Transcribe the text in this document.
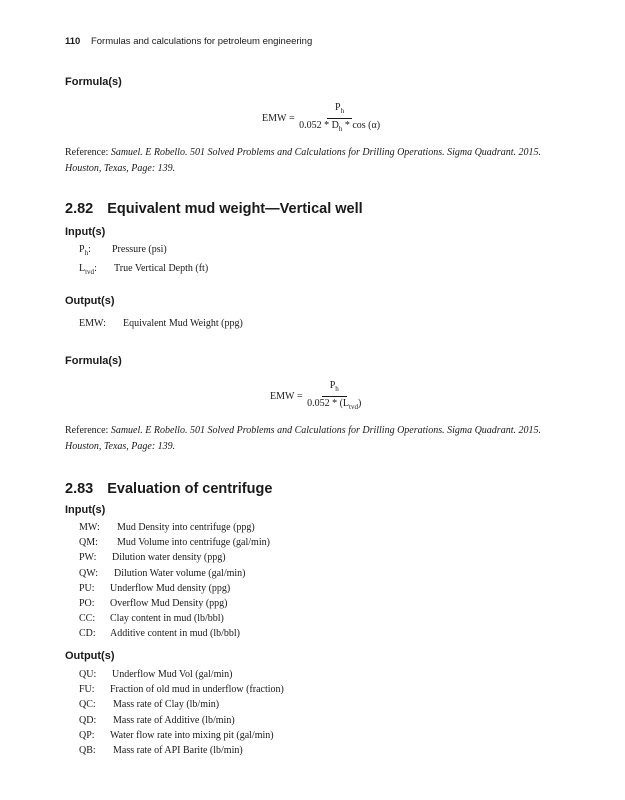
110 Formulas and calculations for petroleum engineering
Formula(s)
EMW = $\frac{P_h}{0.052 * D_h * \cos (\alpha)}$
Reference: Samuel. E Robello. 501 Solved Problems and Calculations for Drilling Operations. Sigma Quadrant. 2015. Houston, Texas, Page: 139.
2.82 Equivalent mud weight—Vertical well
Input(s)
$P_h$:	Pressure (psi)
$L_{tvd}$:	True Vertical Depth (ft)
Output(s)
EMW:	Equivalent Mud Weight (ppg)
Formula(s)
EMW = $\frac{P_h}{0.052 * (L_{tvd})}$
Reference: Samuel. E Robello. 501 Solved Problems and Calculations for Drilling Operations. Sigma Quadrant. 2015. Houston, Texas, Page: 139.
2.83 Evaluation of centrifuge
Input(s)
MW:	Mud Density into centrifuge (ppg)
QM:	Mud Volume into centrifuge (gal/min)
PW:	Dilution water density (ppg)
QW:	Dilution Water volume (gal/min)
PU:	Underflow Mud density (ppg)
PO:	Overflow Mud Density (ppg)
CC:	Clay content in mud (lb/bbl)
CD:	Additive content in mud (lb/bbl)
Output(s)
QU:	Underflow Mud Vol (gal/min)
FU:	Fraction of old mud in underflow (fraction)
QC:	Mass rate of Clay (lb/min)
QD:	Mass rate of Additive (lb/min)
QP:	Water flow rate into mixing pit (gal/min)
QB:	Mass rate of API Barite (lb/min)
